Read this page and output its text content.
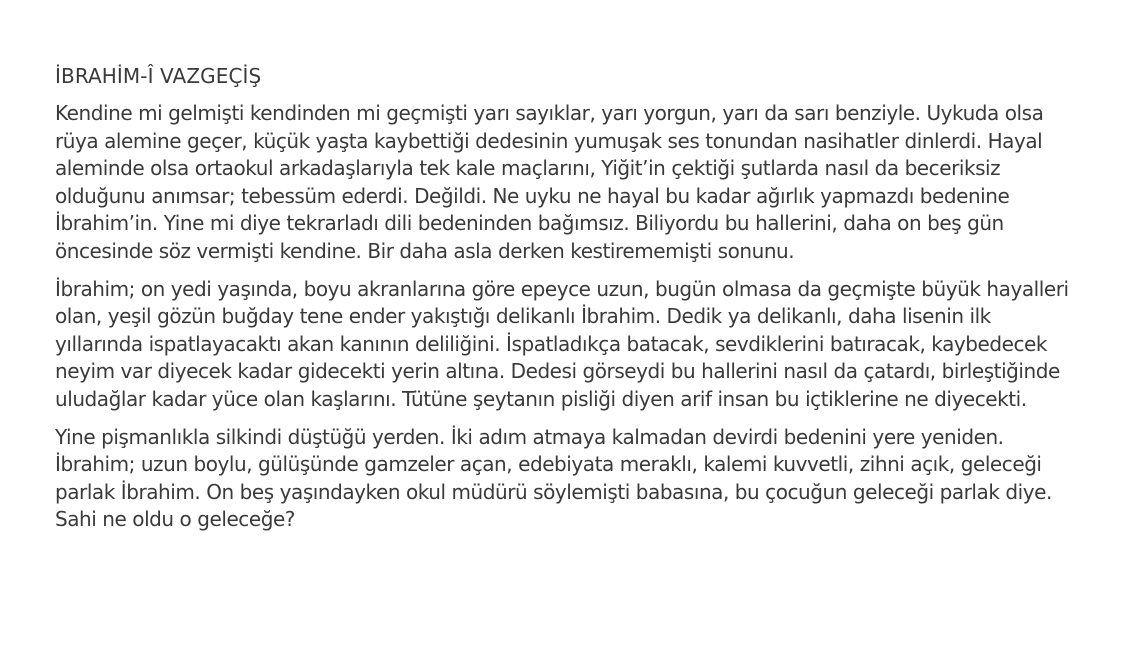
İBRAHİM-Î VAZGEÇİŞ

Kendine mi gelmişti kendinden mi geçmişti yarı sayıklar, yarı yorgun, yarı da sarı benziyle. Uykuda olsa rüya alemine geçer, küçük yaşta kaybettiği dedesinin yumuşak ses tonundan nasihatler dinlerdi. Hayal aleminde olsa ortaokul arkadaşlarıyla tek kale maçlarını, Yiğit’in çektiği şutlarda nasıl da beceriksiz olduğunu anımsar; tebessüm ederdi. Değildi. Ne uyku ne hayal bu kadar ağırlık yapmazdı bedenine İbrahim’in. Yine mi diye tekrarladı dili bedeninden bağımsız. Biliyordu bu hallerini, daha on beş gün öncesinde söz vermişti kendine. Bir daha asla derken kestirememişti sonunu.

İbrahim; on yedi yaşında, boyu akranlarına göre epeyce uzun, bugün olmasa da geçmişte büyük hayalleri olan, yeşil gözün buğday tene ender yakıştığı delikanlı İbrahim. Dedik ya delikanlı, daha lisenin ilk yıllarında ispatlayacaktı akan kanının deliliğini. İspatladıkça batacak, sevdiklerini batıracak, kaybedecek neyim var diyecek kadar gidecekti yerin altına. Dedesi görseydi bu hallerini nasıl da çatardı, birleştiğinde uludağlar kadar yüce olan kaşlarını. Tütüne şeytanın pisliği diyen arif insan bu içtiklerine ne diyecekti.

Yine pişmanlıkla silkindi düştüğü yerden. İki adım atmaya kalmadan devirdi bedenini yere yeniden. İbrahim; uzun boylu, gülüşünde gamzeler açan, edebiyata meraklı, kalemi kuvvetli, zihni açık, geleceği parlak İbrahim. On beş yaşındayken okul müdürü söylemişti babasına, bu çocuğun geleceği parlak diye. Sahi ne oldu o geleceğe?
